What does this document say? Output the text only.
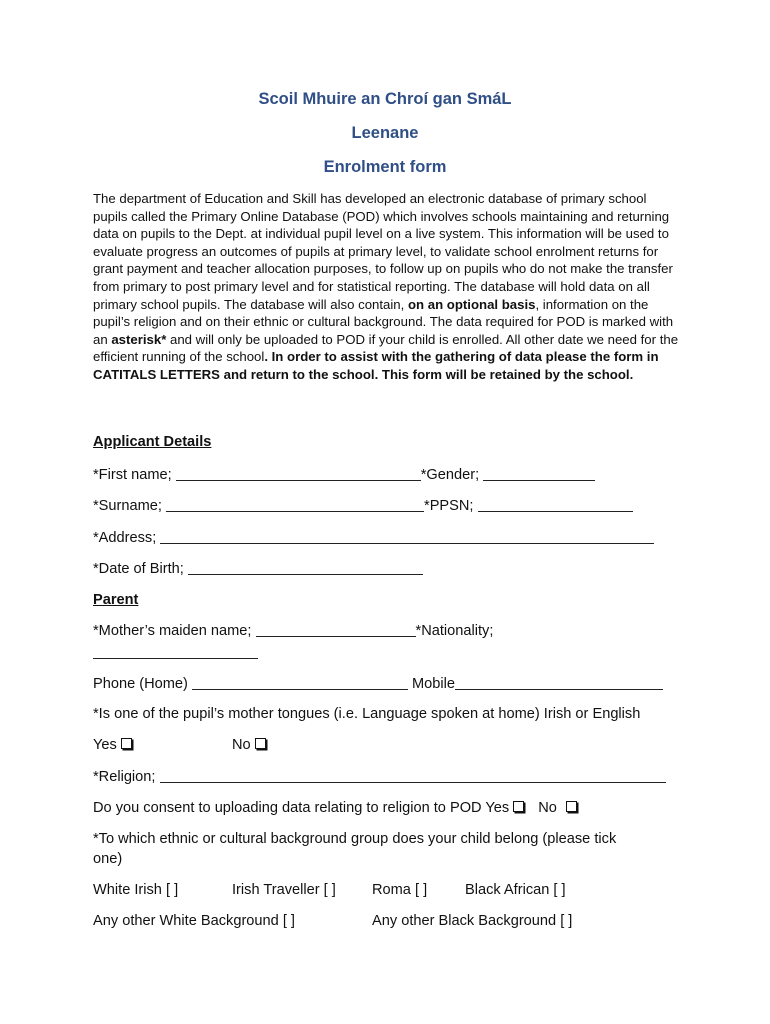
Scoil Mhuire an Chroí gan SmáL
Leenane
Enrolment form
The department of Education and Skill has developed an electronic database of primary school pupils called the Primary Online Database (POD) which involves schools maintaining and returning data on pupils to the Dept. at individual pupil level on a live system. This information will be used to evaluate progress an outcomes of pupils at primary level, to validate school enrolment returns for grant payment and teacher allocation purposes, to follow up on pupils who do not make the transfer from primary to post primary level and for statistical reporting. The database will hold data on all primary school pupils. The database will also contain, on an optional basis, information on the pupil’s religion and on their ethnic or cultural background. The data required for POD is marked with an asterisk* and will only be uploaded to POD if your child is enrolled. All other date we need for the efficient running of the school. In order to assist with the gathering of data please the form in CATITALS LETTERS and return to the school. This form will be retained by the school.
Applicant Details
*First name;	*Gender;
*Surname;	*PPSN;
*Address;
*Date of Birth;
Parent
*Mother’s maiden name;	*Nationality;
Phone (Home)	Mobile
*Is one of the pupil’s mother tongues (i.e. Language spoken at home) Irish or English
Yes	No
*Religion;
Do you consent to uploading data relating to religion to POD Yes No
*To which ethnic or cultural background group does your child belong (please tick
one)
White Irish [ ]	Irish Traveller [ ] Roma [ ]	Black African [ ]
Any other White Background [ ]	Any other Black Background [ ]
